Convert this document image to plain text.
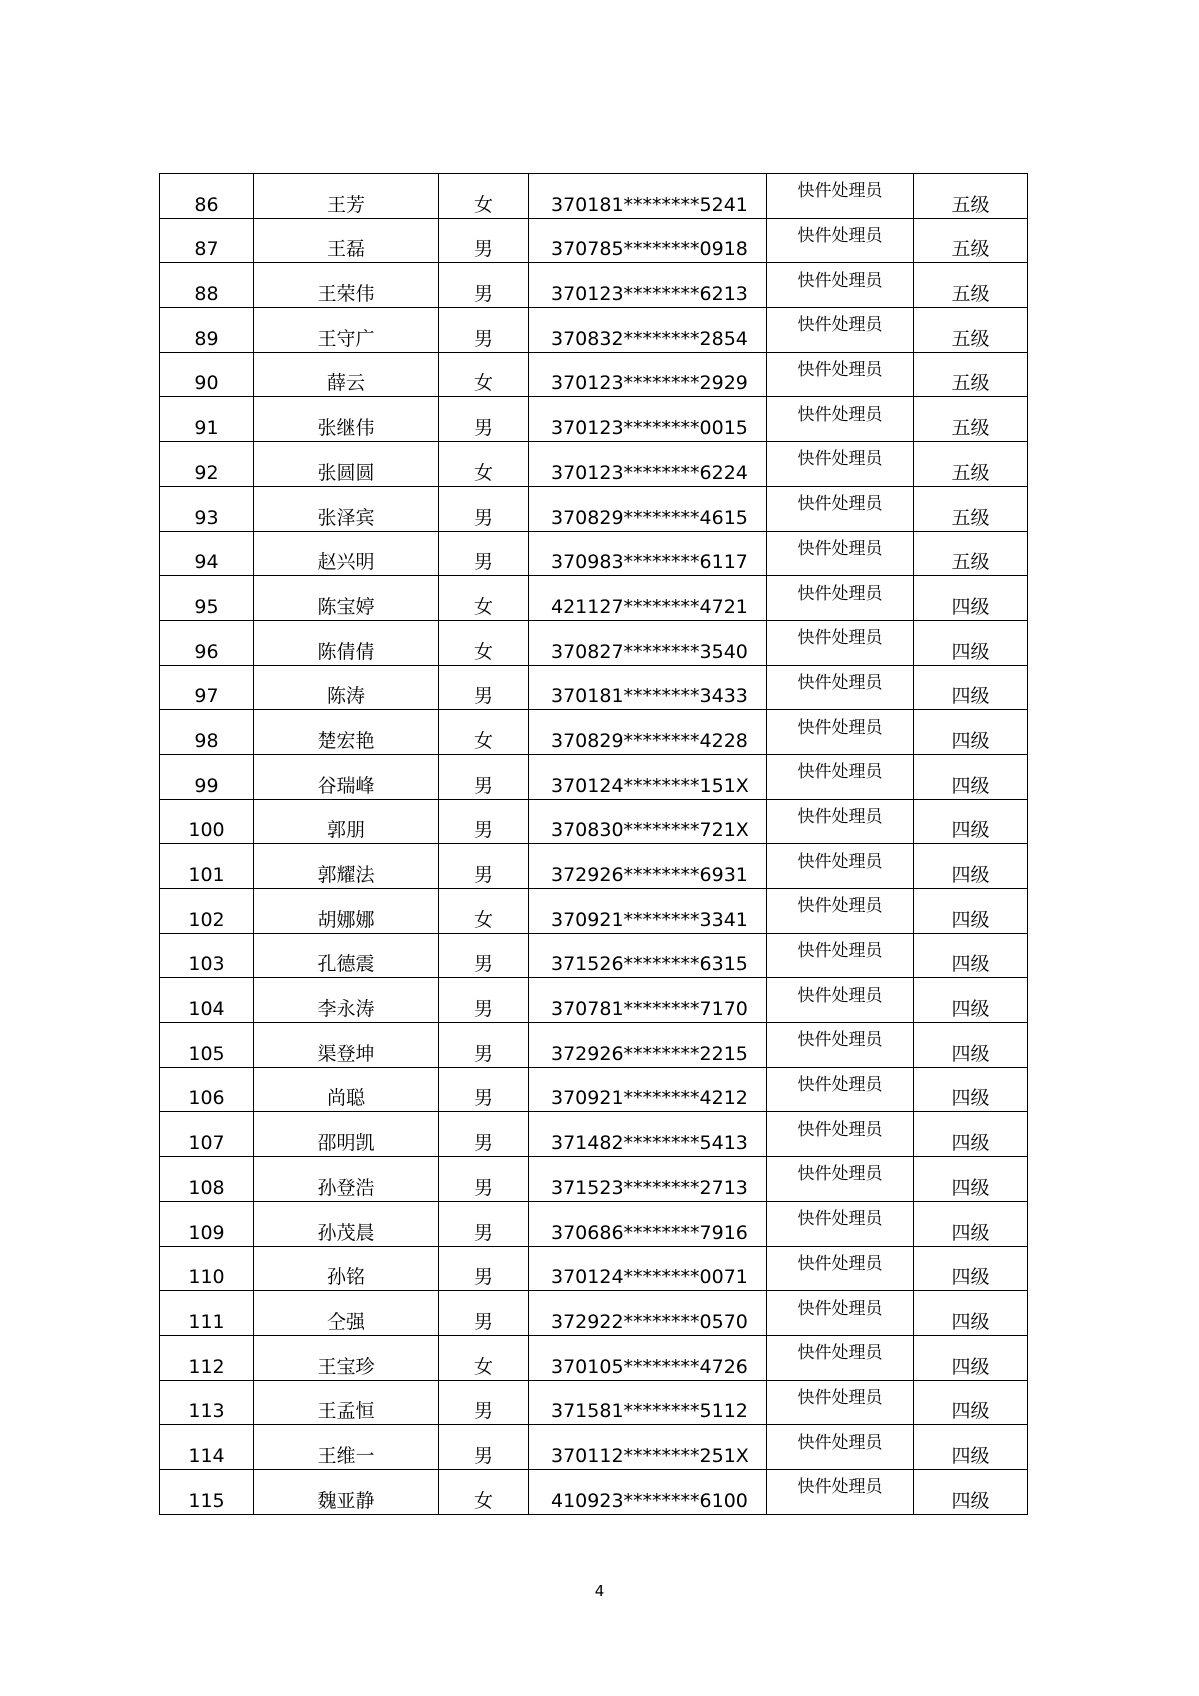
86	王芳	女	370181********5241	快件处理员	五级
87	王磊	男	370785********0918	快件处理员	五级
88	王荣伟	男	370123********6213	快件处理员	五级
89	王守广	男	370832********2854	快件处理员	五级
90	薛云	女	370123********2929	快件处理员	五级
91	张继伟	男	370123********0015	快件处理员	五级
92	张圆圆	女	370123********6224	快件处理员	五级
93	张泽宾	男	370829********4615	快件处理员	五级
94	赵兴明	男	370983********6117	快件处理员	五级
95	陈宝婷	女	421127********4721	快件处理员	四级
96	陈倩倩	女	370827********3540	快件处理员	四级
97	陈涛	男	370181********3433	快件处理员	四级
98	楚宏艳	女	370829********4228	快件处理员	四级
99	谷瑞峰	男	370124********151X	快件处理员	四级
100	郭朋	男	370830********721X	快件处理员	四级
101	郭耀法	男	372926********6931	快件处理员	四级
102	胡娜娜	女	370921********3341	快件处理员	四级
103	孔德震	男	371526********6315	快件处理员	四级
104	李永涛	男	370781********7170	快件处理员	四级
105	渠登坤	男	372926********2215	快件处理员	四级
106	尚聪	男	370921********4212	快件处理员	四级
107	邵明凯	男	371482********5413	快件处理员	四级
108	孙登浩	男	371523********2713	快件处理员	四级
109	孙茂晨	男	370686********7916	快件处理员	四级
110	孙铭	男	370124********0071	快件处理员	四级
111	仝强	男	372922********0570	快件处理员	四级
112	王宝珍	女	370105********4726	快件处理员	四级
113	王孟恒	男	371581********5112	快件处理员	四级
114	王维一	男	370112********251X	快件处理员	四级
115	魏亚静	女	410923********6100	快件处理员	四级
4
